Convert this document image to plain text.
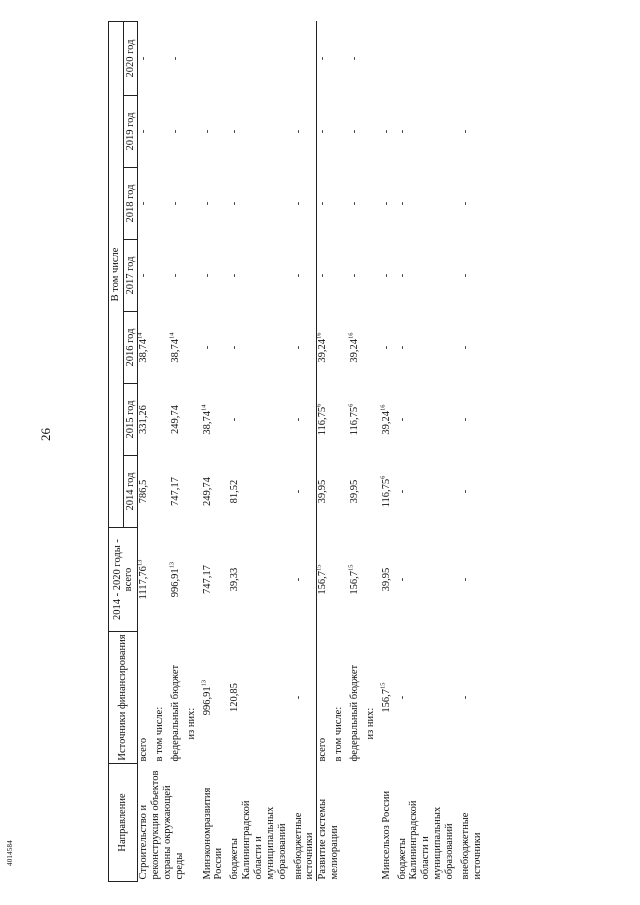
26
4014584
Направление	Источники финансирования	2014 - 2020 годы - всего	В том числе						
			2014 год	2015 год	2016 год	2017 год	2018 год	2019 год	2020 год
Строительство и реконструкция объектов охраны окружающей среды	всего	1117,76$^{13}$	786,5	331,26	38,74$^{14}$	-	-	-	-

	в том числе:								

	федеральный бюджет	996,91$^{13}$	747,17	249,74	38,74$^{14}$	-	-	-	-

	из них:								

Минэкономразвития России	996,91$^{13}$	747,17	249,74	38,74$^{14}$	-	-	-	-	

бюджеты Калининградской области и муниципальных образований	120,85	39,33	81,52	-	-	-	-	-	

внебюджетные источники	-	-	-	-	-	-	-	-	
Развитие системы мелиорации	всего	156,7$^{15}$	39,95	116,75$^6$	39,24$^{16}$	-	-	-	-

	в том числе:								

	федеральный бюджет	156,7$^{15}$	39,95	116,75$^6$	39,24$^{16}$	-	-	-	-

	из них:								

Минсельхоз России	156,7$^{15}$	39,95	116,75$^6$	39,24$^{16}$	-	-	-	-	

бюджеты Калининградской области и муниципальных образований	-	-	-	-	-	-	-	-	

внебюджетные источники	-	-	-	-	-	-	-	-	
